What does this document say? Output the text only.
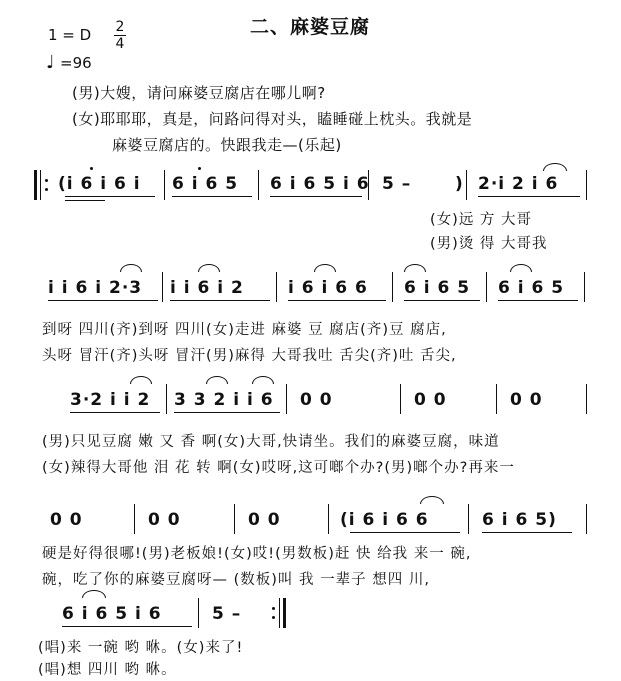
1 = D 2
4
♩ =96
二、麻婆豆腐
(男)大嫂，请问麻婆豆腐店在哪儿啊?
(女)耶耶耶，真是，问路问得对头，瞌睡碰上枕头。我就是
麻婆豆腐店的。快跟我走—(乐起)
(i 6 i 6 i 6 i 6 5 6 i 6 5 i 6 5 –	) 2·i 2 i 6
(女)远 方 大哥
(男)烫 得 大哥我
i i 6 i 2·3 i i 6 i 2	i 6 i 6 6 6 i 6 5 6 i 6 5
到呀 四川(齐)到呀 四川(女)走进 麻婆 豆 腐店(齐)豆 腐店,
头呀 冒汗(齐)头呀 冒汗(男)麻得 大哥我吐 舌尖(齐)吐 舌尖,
3·2 i i 2 3 3 2 i i 6 0 0	0 0	0 0
(男)只见豆腐 嫩 又 香 啊(女)大哥,快请坐。我们的麻婆豆腐，味道
(女)辣得大哥他 泪 花 转 啊(女)哎呀,这可啷个办?(男)啷个办?再来一
0 0	0 0	0 0	(i 6 i 6 6	6 i 6 5)
硬是好得很哪!(男)老板娘!(女)哎!(男数板)赶 快 给我 来一 碗,
碗，吃了你的麻婆豆腐呀— (数板)叫 我 一辈子 想四 川,
6 i 6 5 i 6	5 –
(唱)来 一碗 哟 咻。(女)来了!
(唱)想 四川 哟 咻。
